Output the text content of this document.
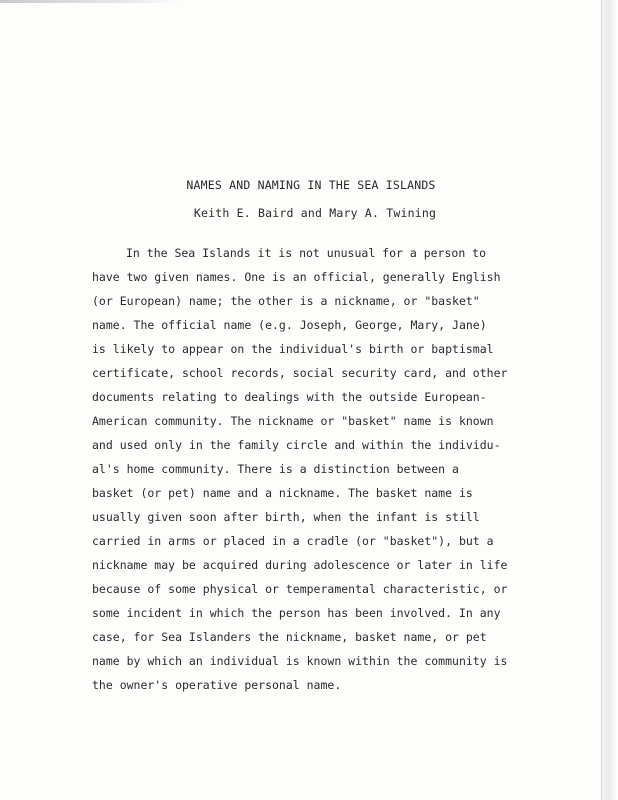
NAMES AND NAMING IN THE SEA ISLANDS
Keith E. Baird and Mary A. Twining
In the Sea Islands it is not unusual for a person to
have two given names. One is an official, generally English
(or European) name; the other is a nickname, or "basket"
name. The official name (e.g. Joseph, George, Mary, Jane)
is likely to appear on the individual's birth or baptismal
certificate, school records, social security card, and other
documents relating to dealings with the outside European-
American community. The nickname or "basket" name is known
and used only in the family circle and within the individu-
al's home community. There is a distinction between a
basket (or pet) name and a nickname. The basket name is
usually given soon after birth, when the infant is still
carried in arms or placed in a cradle (or "basket"), but a
nickname may be acquired during adolescence or later in life
because of some physical or temperamental characteristic, or
some incident in which the person has been involved. In any
case, for Sea Islanders the nickname, basket name, or pet
name by which an individual is known within the community is
the owner's operative personal name.
